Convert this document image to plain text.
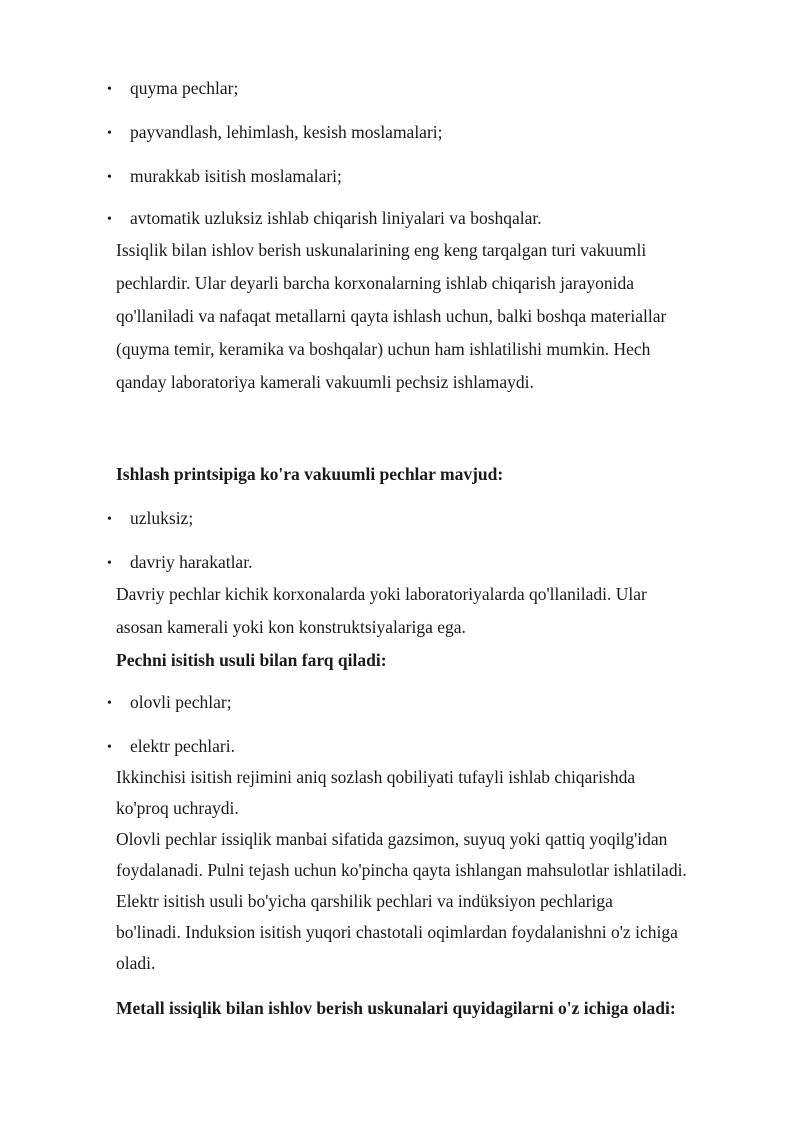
• quyma pechlar;
• payvandlash, lehimlash, kesish moslamalari;
• murakkab isitish moslamalari;
• avtomatik uzluksiz ishlab chiqarish liniyalari va boshqalar.
Issiqlik bilan ishlov berish uskunalarining eng keng tarqalgan turi vakuumli
pechlardir. Ular deyarli barcha korxonalarning ishlab chiqarish jarayonida
qo'llaniladi va nafaqat metallarni qayta ishlash uchun, balki boshqa materiallar
(quyma temir, keramika va boshqalar) uchun ham ishlatilishi mumkin. Hech
qanday laboratoriya kamerali vakuumli pechsiz ishlamaydi.
Ishlash printsipiga ko'ra vakuumli pechlar mavjud:
• uzluksiz;
• davriy harakatlar.
Davriy pechlar kichik korxonalarda yoki laboratoriyalarda qo'llaniladi. Ular
asosan kamerali yoki kon konstruktsiyalariga ega.
Pechni isitish usuli bilan farq qiladi:
• olovli pechlar;
• elektr pechlari.
Ikkinchisi isitish rejimini aniq sozlash qobiliyati tufayli ishlab chiqarishda
ko'proq uchraydi.
Olovli pechlar issiqlik manbai sifatida gazsimon, suyuq yoki qattiq yoqilg'idan
foydalanadi. Pulni tejash uchun ko'pincha qayta ishlangan mahsulotlar ishlatiladi.
Elektr isitish usuli bo'yicha qarshilik pechlari va indüksiyon pechlariga
bo'linadi. Induksion isitish yuqori chastotali oqimlardan foydalanishni o'z ichiga
oladi.
Metall issiqlik bilan ishlov berish uskunalari quyidagilarni o'z ichiga oladi:
